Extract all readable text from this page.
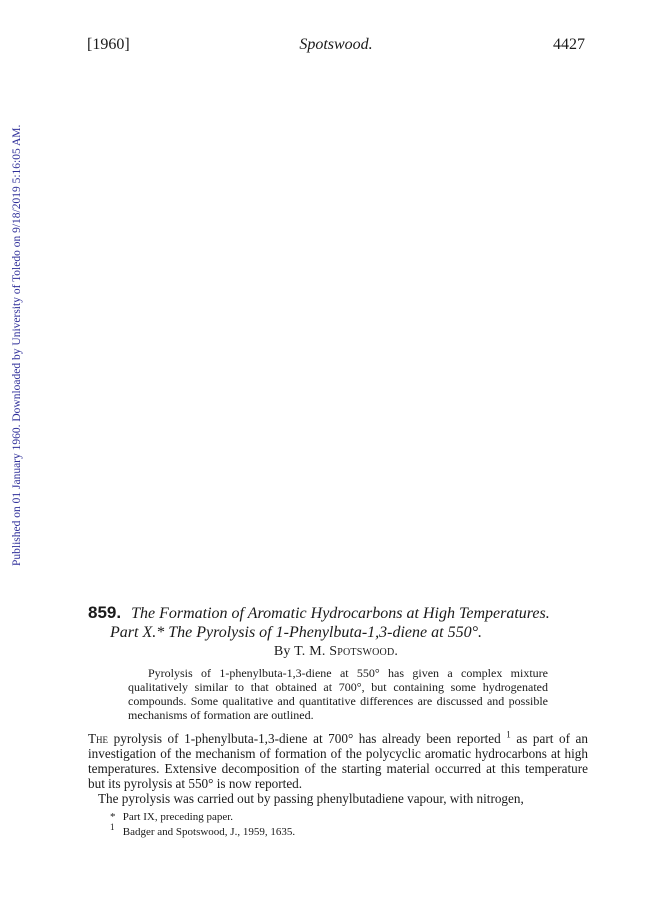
[1960]	Spotswood.	4427
Published on 01 January 1960. Downloaded by University of Toledo on 9/18/2019 5:16:05 AM.
859. The Formation of Aromatic Hydrocarbons at High Temperatures.
Part X.* The Pyrolysis of 1-Phenylbuta-1,3-diene at 550°.
By T. M. Spotswood.

Pyrolysis of 1-phenylbuta-1,3-diene at 550° has given a complex mixture qualitatively similar to that obtained at 700°, but containing some hydrogenated compounds. Some qualitative and quantitative differences are discussed and possible mechanisms of formation are outlined.

The pyrolysis of 1-phenylbuta-1,3-diene at 700° has already been reported $^1$ as part of an investigation of the mechanism of formation of the polycyclic aromatic hydrocarbons at high temperatures. Extensive decomposition of the starting material occurred at this temperature but its pyrolysis at 550° is now reported.

The pyrolysis was carried out by passing phenylbutadiene vapour, with nitrogen,

* Part IX, preceding paper.
$^1$ Badger and Spotswood, J., 1959, 1635.
